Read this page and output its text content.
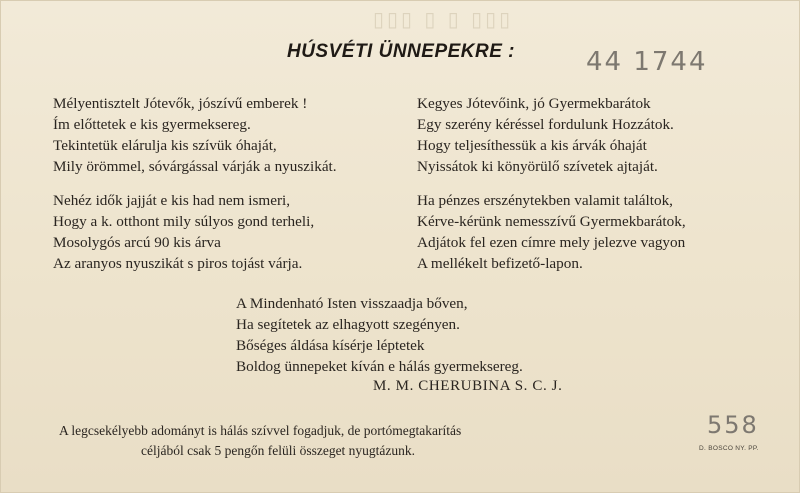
▯▯▯ ▯ ▯ ▯▯▯
HÚSVÉTI ÜNNEPEKRE :	44 1744
Mélyentisztelt Jótevők, jószívű emberek !
Ím előttetek e kis gyermeksereg.
Tekintetük elárulja kis szívük óhaját,
Mily örömmel, sóvárgással várják a nyuszikát.
Nehéz idők jajját e kis had nem ismeri,
Hogy a k. otthont mily súlyos gond terheli,
Mosolygós arcú 90 kis árva
Az aranyos nyuszikát s piros tojást várja.
Kegyes Jótevőink, jó Gyermekbarátok
Egy szerény kéréssel fordulunk Hozzátok.
Hogy teljesíthessük a kis árvák óhaját
Nyissátok ki könyörülő szívetek ajtaját.
Ha pénzes erszénytekben valamit találtok,
Kérve-kérünk nemesszívű Gyermekbarátok,
Adjátok fel ezen címre mely jelezve vagyon
A mellékelt befizető-lapon.
A Mindenható Isten visszaadja bőven,
Ha segítetek az elhagyott szegényen.
Bőséges áldása kísérje léptetek
Boldog ünnepeket kíván e hálás gyermeksereg.
M. M. CHERUBINA S. C. J.
A legcsekélyebb adományt is hálás szívvel fogadjuk, de portómegtakarítás
céljából csak 5 pengőn felüli összeget nyugtázunk.
558
D. BOSCO NY. PP.
